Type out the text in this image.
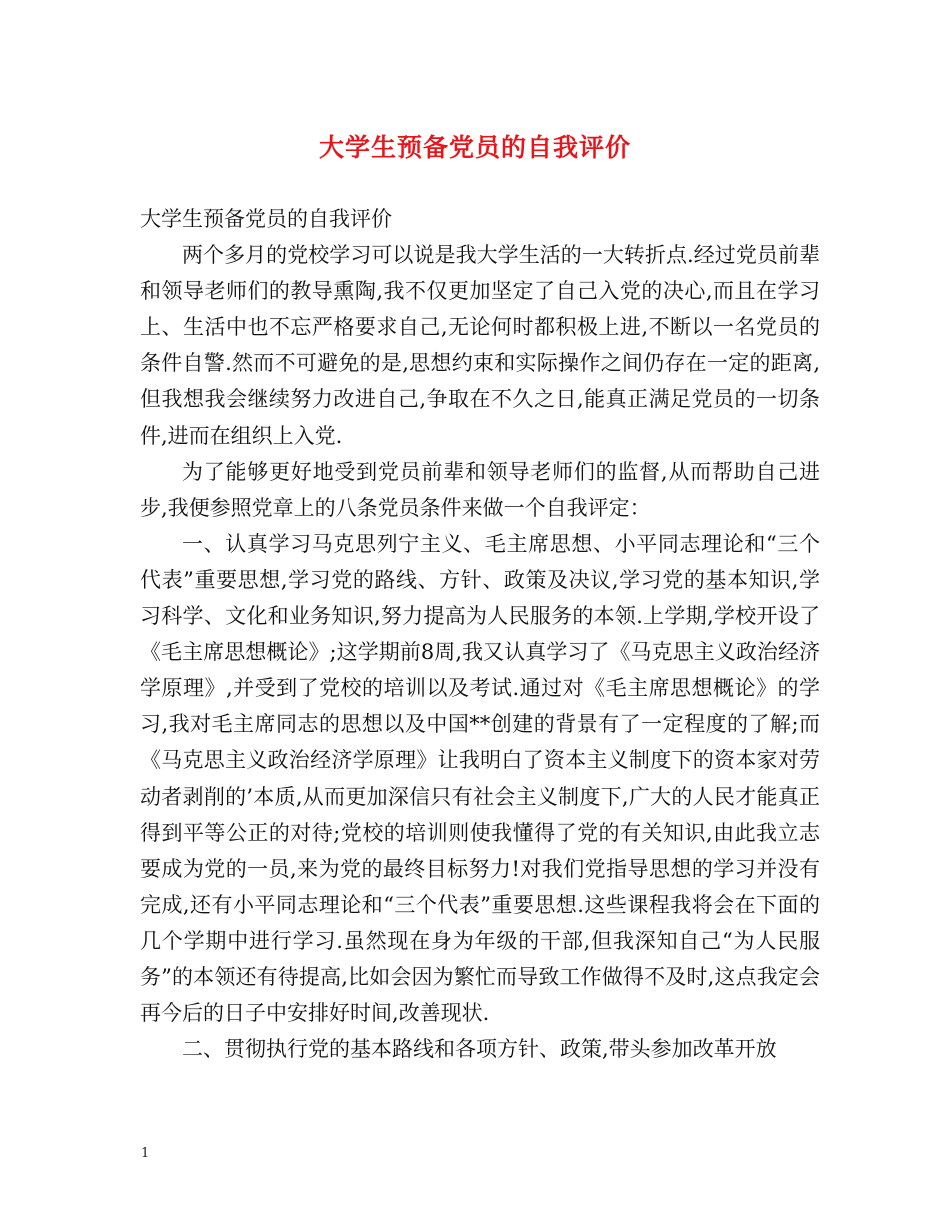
大学生预备党员的自我评价

大学生预备党员的自我评价

两个多月的党校学习可以说是我大学生活的一大转折点.经过党员前辈和领导老师们的教导熏陶,我不仅更加坚定了自己入党的决心,而且在学习上、生活中也不忘严格要求自己,无论何时都积极上进,不断以一名党员的条件自警.然而不可避免的是,思想约束和实际操作之间仍存在一定的距离,但我想我会继续努力改进自己,争取在不久之日,能真正满足党员的一切条件,进而在组织上入党.

为了能够更好地受到党员前辈和领导老师们的监督,从而帮助自己进步,我便参照党章上的八条党员条件来做一个自我评定：

一、认真学习马克思列宁主义、毛主席思想、小平同志理论和“三个代表”重要思想,学习党的路线、方针、政策及决议,学习党的基本知识,学习科学、文化和业务知识,努力提高为人民服务的本领.上学期,学校开设了《毛主席思想概论》;这学期前8周,我又认真学习了《马克思主义政治经济学原理》,并受到了党校的培训以及考试.通过对《毛主席思想概论》的学习,我对毛主席同志的思想以及中国**创建的背景有了一定程度的了解;而《马克思主义政治经济学原理》让我明白了资本主义制度下的资本家对劳动者剥削的’本质,从而更加深信只有社会主义制度下,广大的人民才能真正得到平等公正的对待;党校的培训则使我懂得了党的有关知识,由此我立志要成为党的一员,来为党的最终目标努力!对我们党指导思想的学习并没有完成,还有小平同志理论和“三个代表”重要思想.这些课程我将会在下面的几个学期中进行学习.虽然现在身为年级的干部,但我深知自己“为人民服务”的本领还有待提高,比如会因为繁忙而导致工作做得不及时,这点我定会再今后的日子中安排好时间,改善现状.

二、贯彻执行党的基本路线和各项方针、政策,带头参加改革开放

1
